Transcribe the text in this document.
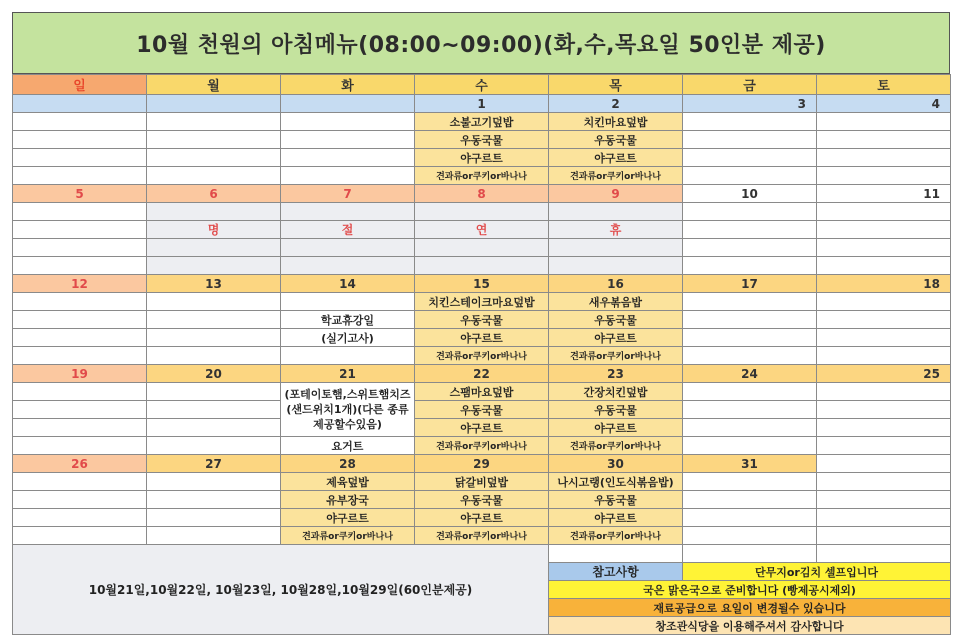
10월 천원의 아침메뉴(08:00~09:00)(화,수,목요일 50인분 제공)
일	월	화	수	목	금	토
			1	2	3	4
			소불고기덮밥	치킨마요덮밥		
			우동국물	우동국물		
			야구르트	야구르트		
			견과류or쿠키or바나나	견과류or쿠키or바나나		
5	6	7	8	9	10	11

	명	절	연	휴		

12	13	14	15	16	17	18
			치킨스테이크마요덮밥	새우볶음밥		
		학교휴강일	우동국물	우동국물		
		(실기고사)	야구르트	야구르트		
			견과류or쿠키or바나나	견과류or쿠키or바나나		
19	20	21	22	23	24	25
		(포테이토햄,스위트햄치즈 (샌드위치1개)(다른 종류 제공할수있음)	스팸마요덮밥	간장치킨덮밥		
			우동국물	우동국물		
			야구르트	야구르트		
		요거트	견과류or쿠키or바나나	견과류or쿠키or바나나		
26	27	28	29	30	31	
		제육덮밥	닭갈비덮밥	나시고랭(인도식볶음밥)		
		유부장국	우동국물	우동국물		
		야구르트	야구르트	야구르트		
		견과류or쿠키or바나나	견과류or쿠키or바나나	견과류or쿠키or바나나		
10월21일,10월22일, 10월23일, 10월28일,10월29일(60인분제공)						
				참고사항	단무지or김치 셀프입니다	
				국은 맑은국으로 준비합니다 (빵제공시제외)		
				재료공급으로 요일이 변경될수 있습니다		
				창조관식당을 이용해주셔서 감사합니다		
